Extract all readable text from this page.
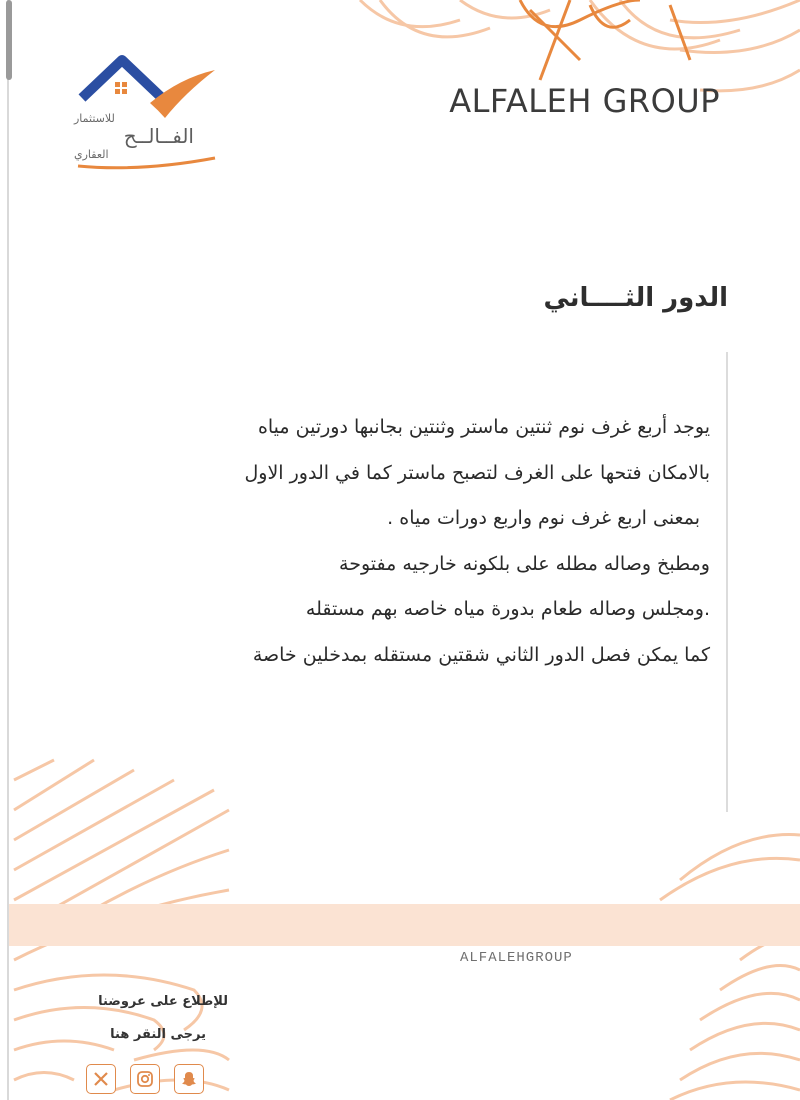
للاستثمار
الفــالــح
العقاري
ALFALEH GROUP
الدور الثــــاني
يوجد أربع غرف نوم ثنتين ماستر وثنتين بجانبها دورتين مياه
بالامكان فتحها على الغرف لتصبح ماستر كما في الدور الاول
بمعنى اربع غرف نوم واربع دورات مياه .
ومطبخ وصاله مطله على بلكونه خارجيه مفتوحة
.ومجلس وصاله طعام بدورة مياه خاصه بهم مستقله
كما يمكن فصل الدور الثاني شقتين مستقله بمدخلين خاصة
ALFALEHGROUP
للإطلاع على عروضنا
يرجى النقر هنا
